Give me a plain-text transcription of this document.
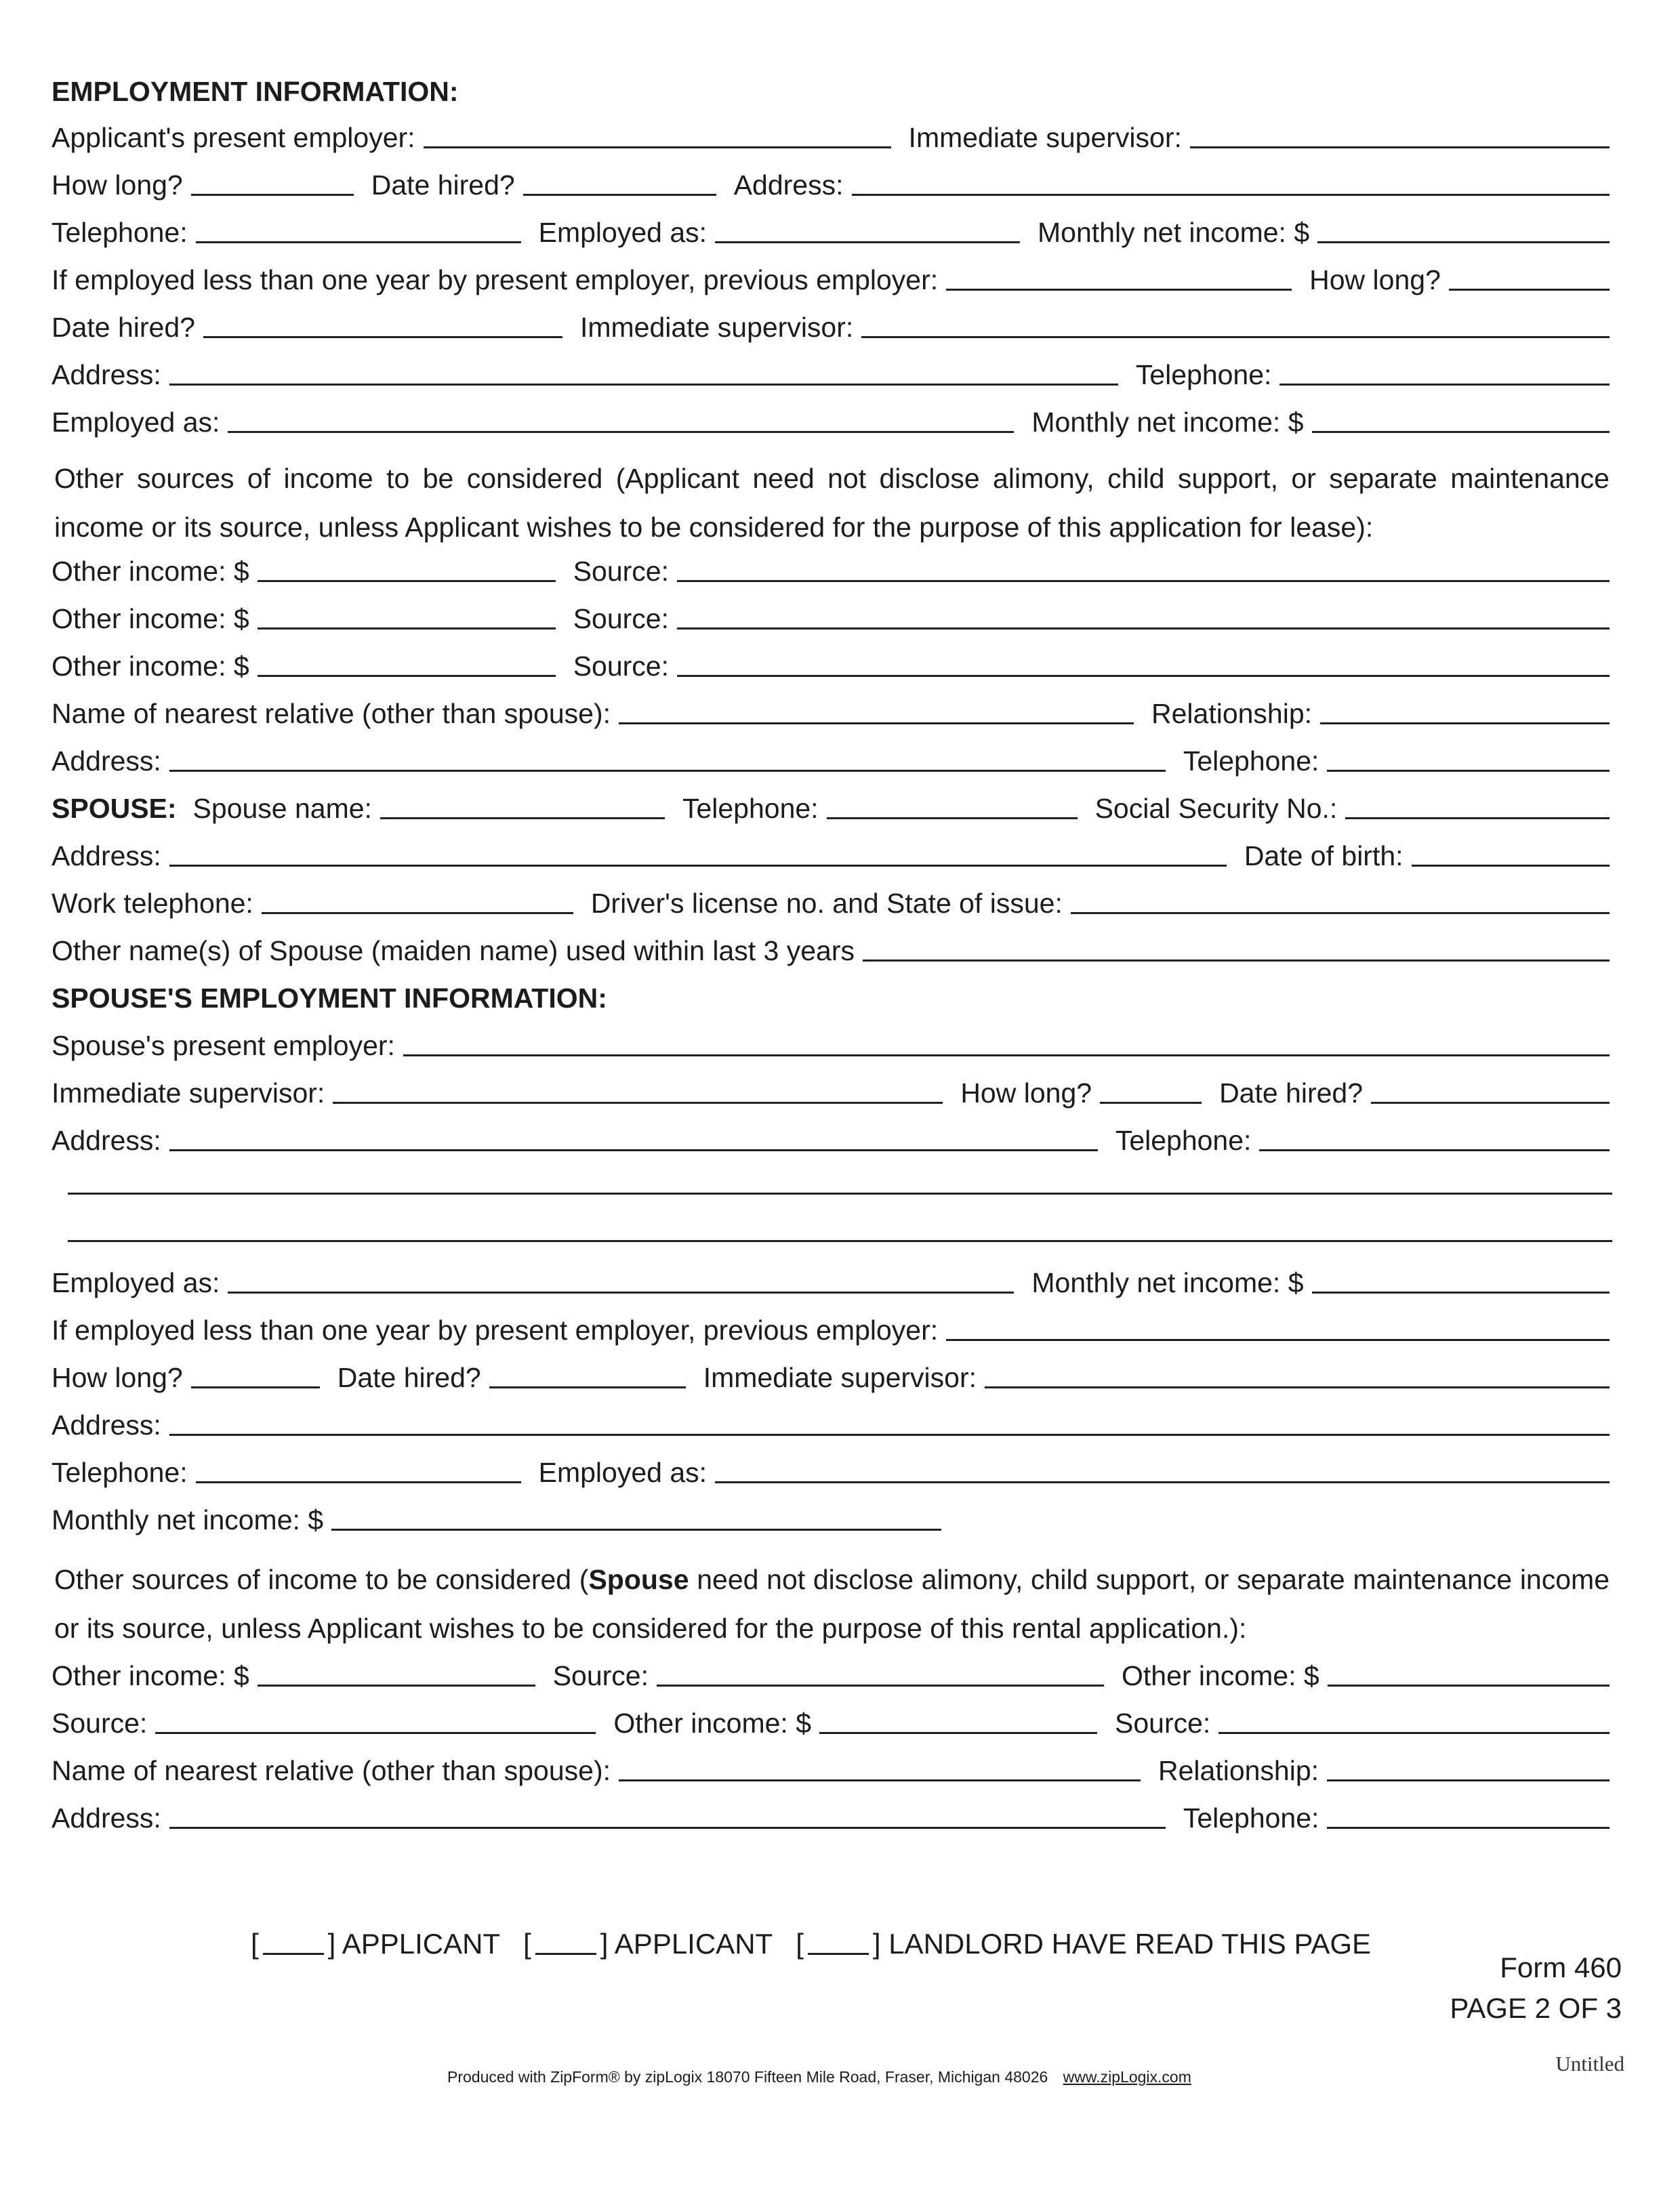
EMPLOYMENT INFORMATION:
Applicant's present employer:	Immediate supervisor:
How long?	Date hired?	Address:
Telephone:	Employed as:	Monthly net income: $
If employed less than one year by present employer, previous employer:	How long?
Date hired?	Immediate supervisor:
Address:	Telephone:
Employed as:	Monthly net income: $
Other sources of income to be considered (Applicant need not disclose alimony, child support, or separate maintenance income or its source, unless Applicant wishes to be considered for the purpose of this application for lease):
Other income: $	Source:
Other income: $	Source:
Other income: $	Source:
Name of nearest relative (other than spouse):	Relationship:
Address:	Telephone:
SPOUSE: Spouse name:	Telephone:	Social Security No.:
Address:	Date of birth:
Work telephone:	Driver's license no. and State of issue:
Other name(s) of Spouse (maiden name) used within last 3 years
SPOUSE'S EMPLOYMENT INFORMATION:
Spouse's present employer:
Immediate supervisor:	How long?	Date hired?
Address:	Telephone:
Employed as:	Monthly net income: $
If employed less than one year by present employer, previous employer:
How long?	Date hired?	Immediate supervisor:
Address:
Telephone:	Employed as:
Monthly net income: $
Other sources of income to be considered (Spouse need not disclose alimony, child support, or separate maintenance income or its source, unless Applicant wishes to be considered for the purpose of this rental application.):
Other income: $	Source:	Other income: $
Source:	Other income: $	Source:
Name of nearest relative (other than spouse):	Relationship:
Address:	Telephone:
[ ] APPLICANT [ ] APPLICANT [ ] LANDLORD HAVE READ THIS PAGE
Form 460
PAGE 2 OF 3
Produced with ZipForm® by zipLogix 18070 Fifteen Mile Road, Fraser, Michigan 48026 www.zipLogix.com
Untitled
